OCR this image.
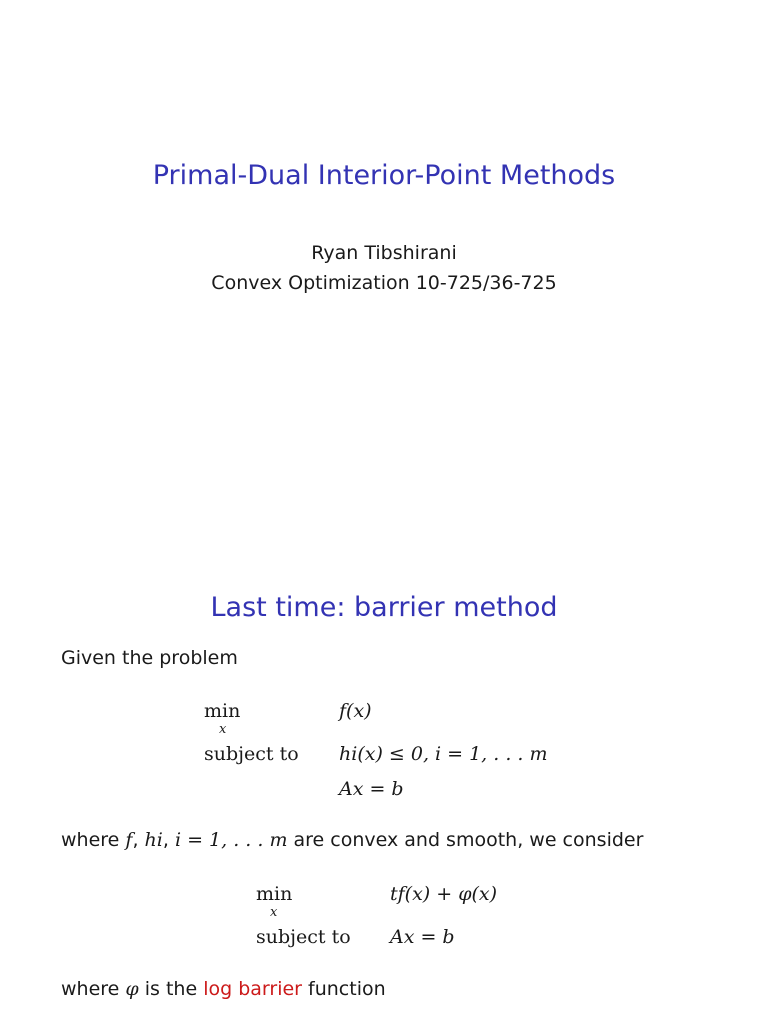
Primal-Dual Interior-Point Methods
Ryan Tibshirani
Convex Optimization 10-725/36-725
Last time: barrier method
Given the problem
min
x
f(x)
subject to hi(x) ≤ 0, i = 1, . . . m
Ax = b
where f, hi, i = 1, . . . m are convex and smooth, we consider
min
x
tf(x) + φ(x)
subject to Ax = b
where φ is the log barrier function
